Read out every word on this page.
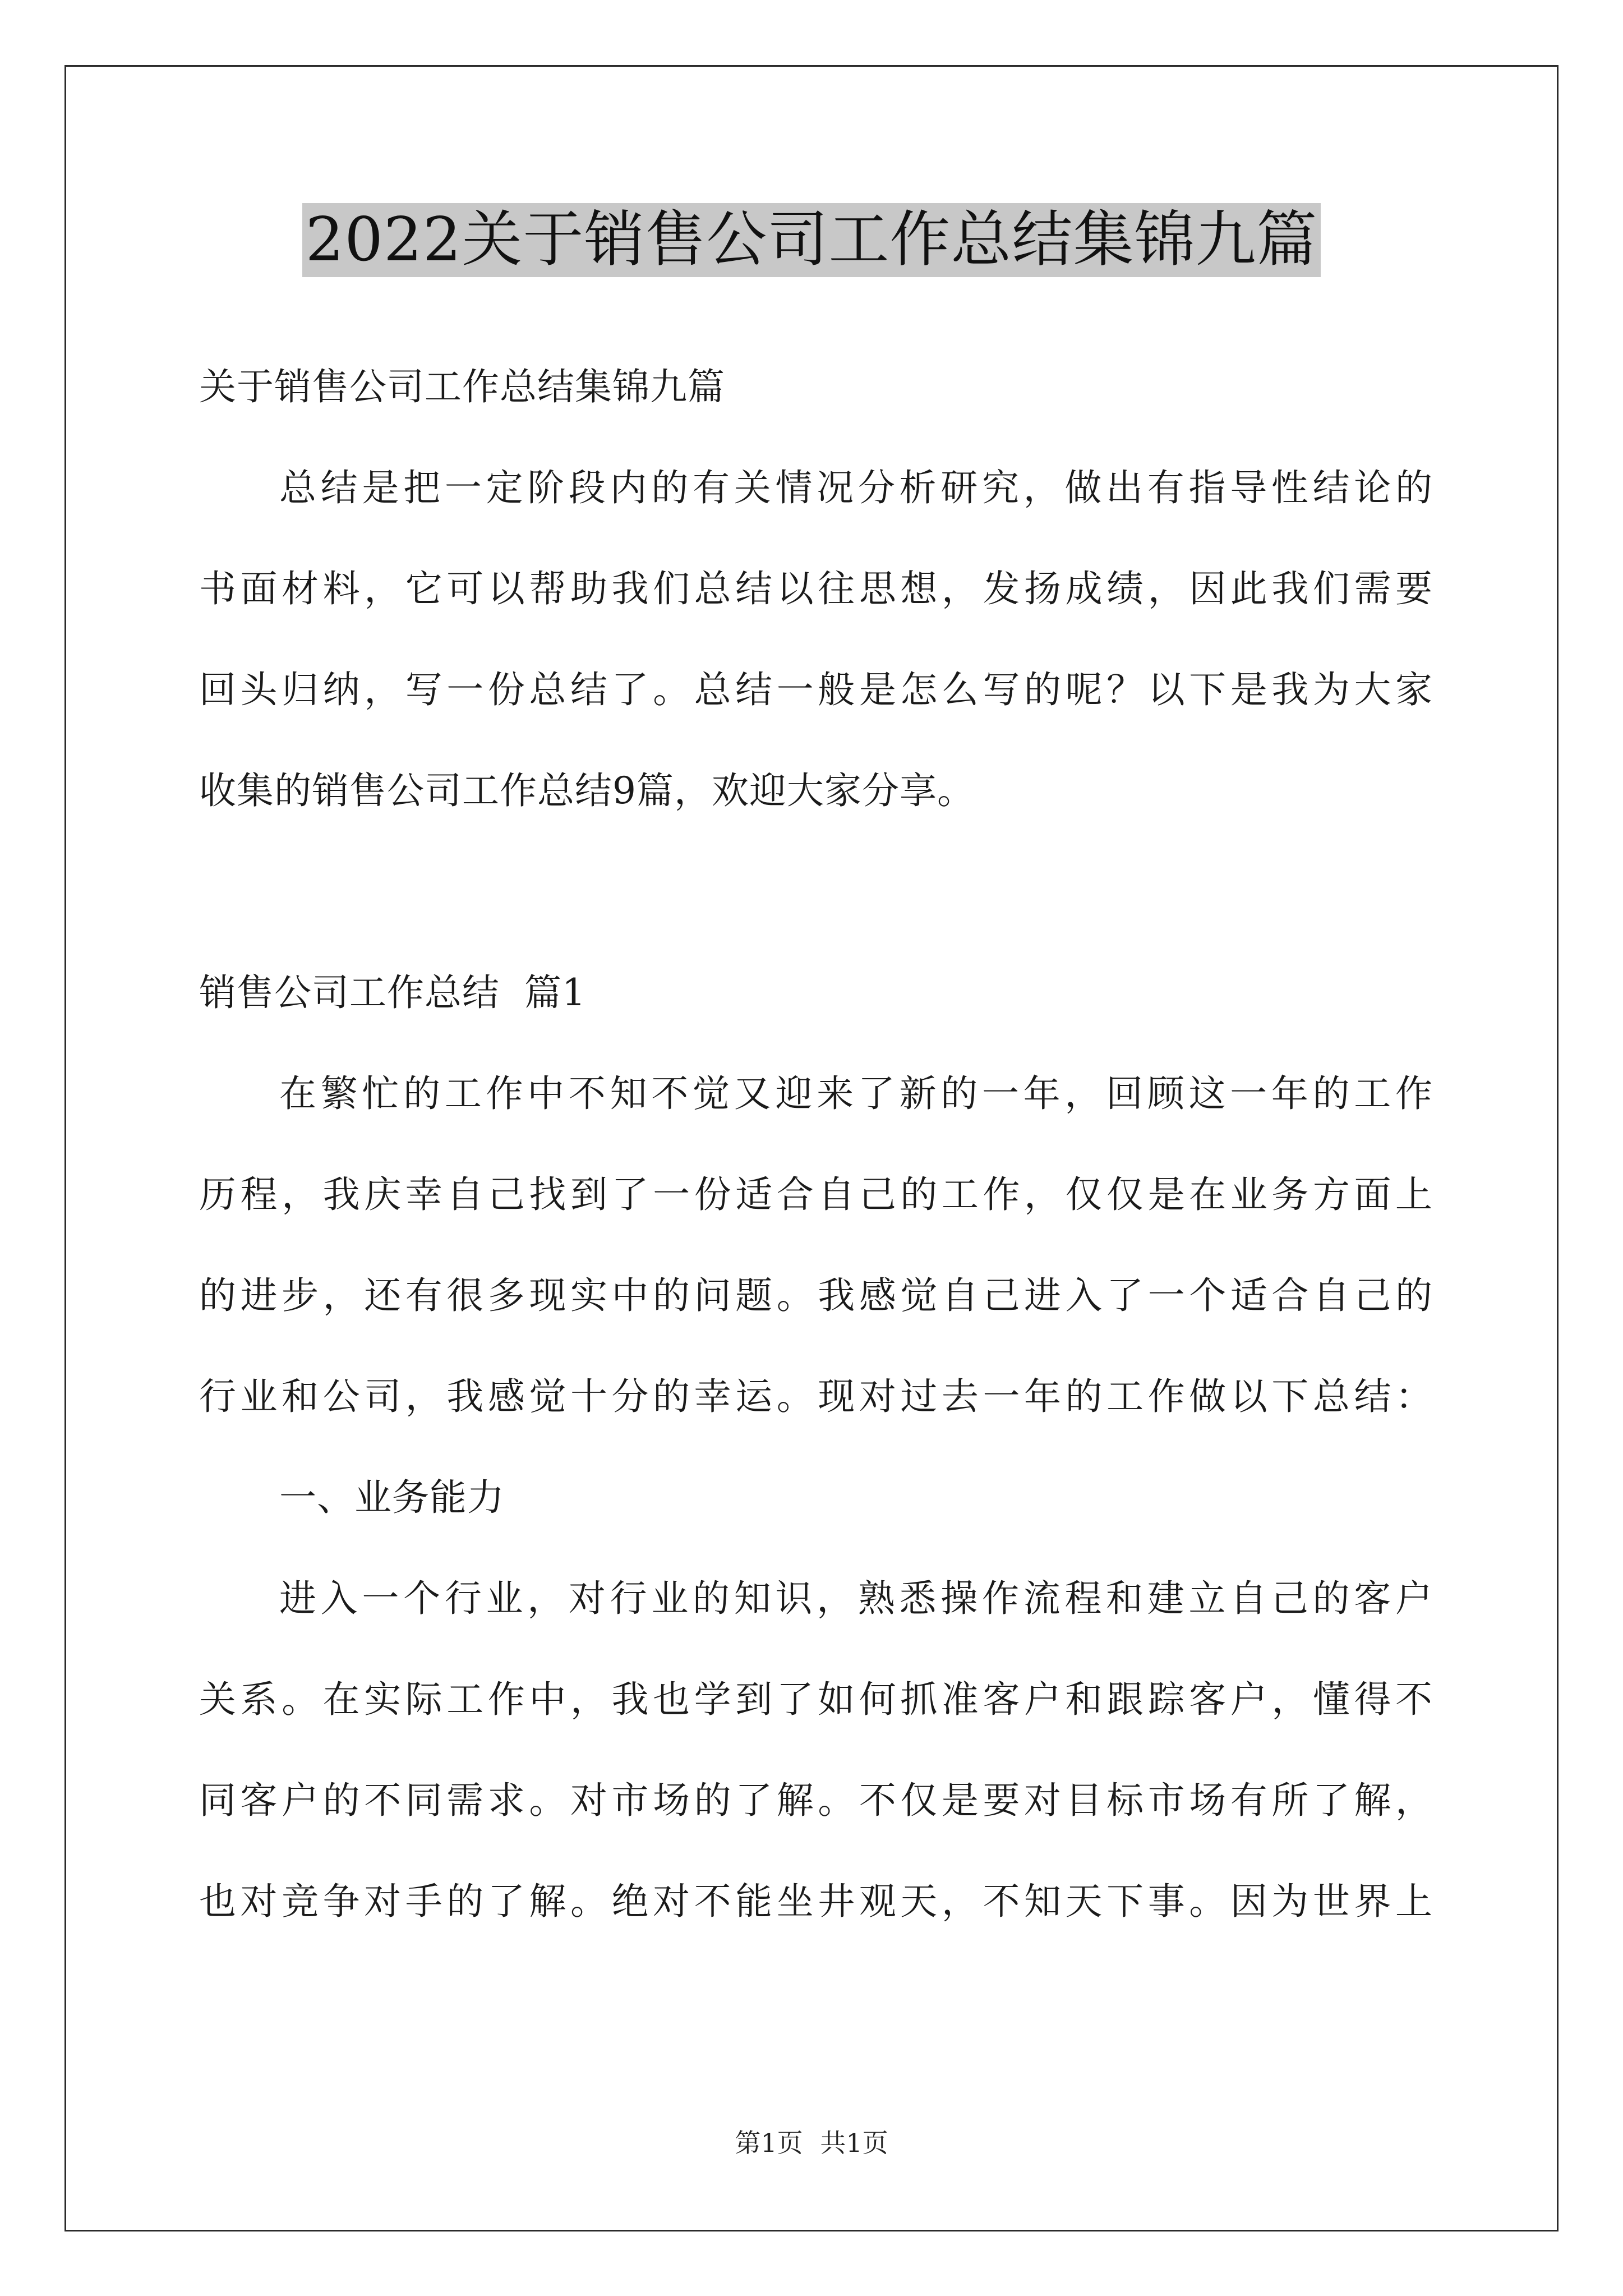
2022关于销售公司工作总结集锦九篇
关于销售公司工作总结集锦九篇
总结是把一定阶段内的有关情况分析研究，做出有指导性结论的
书面材料，它可以帮助我们总结以往思想，发扬成绩，因此我们需要
回头归纳，写一份总结了。总结一般是怎么写的呢？以下是我为大家
收集的销售公司工作总结9篇，欢迎大家分享。
销售公司工作总结  篇1
在繁忙的工作中不知不觉又迎来了新的一年，回顾这一年的工作
历程，我庆幸自己找到了一份适合自己的工作，仅仅是在业务方面上
的进步，还有很多现实中的问题。我感觉自己进入了一个适合自己的
行业和公司，我感觉十分的幸运。现对过去一年的工作做以下总结：
一、业务能力
进入一个行业，对行业的知识，熟悉操作流程和建立自己的客户
关系。在实际工作中，我也学到了如何抓准客户和跟踪客户，懂得不
同客户的不同需求。对市场的了解。不仅是要对目标市场有所了解，
也对竞争对手的了解。绝对不能坐井观天，不知天下事。因为世界上
第1页 共1页
